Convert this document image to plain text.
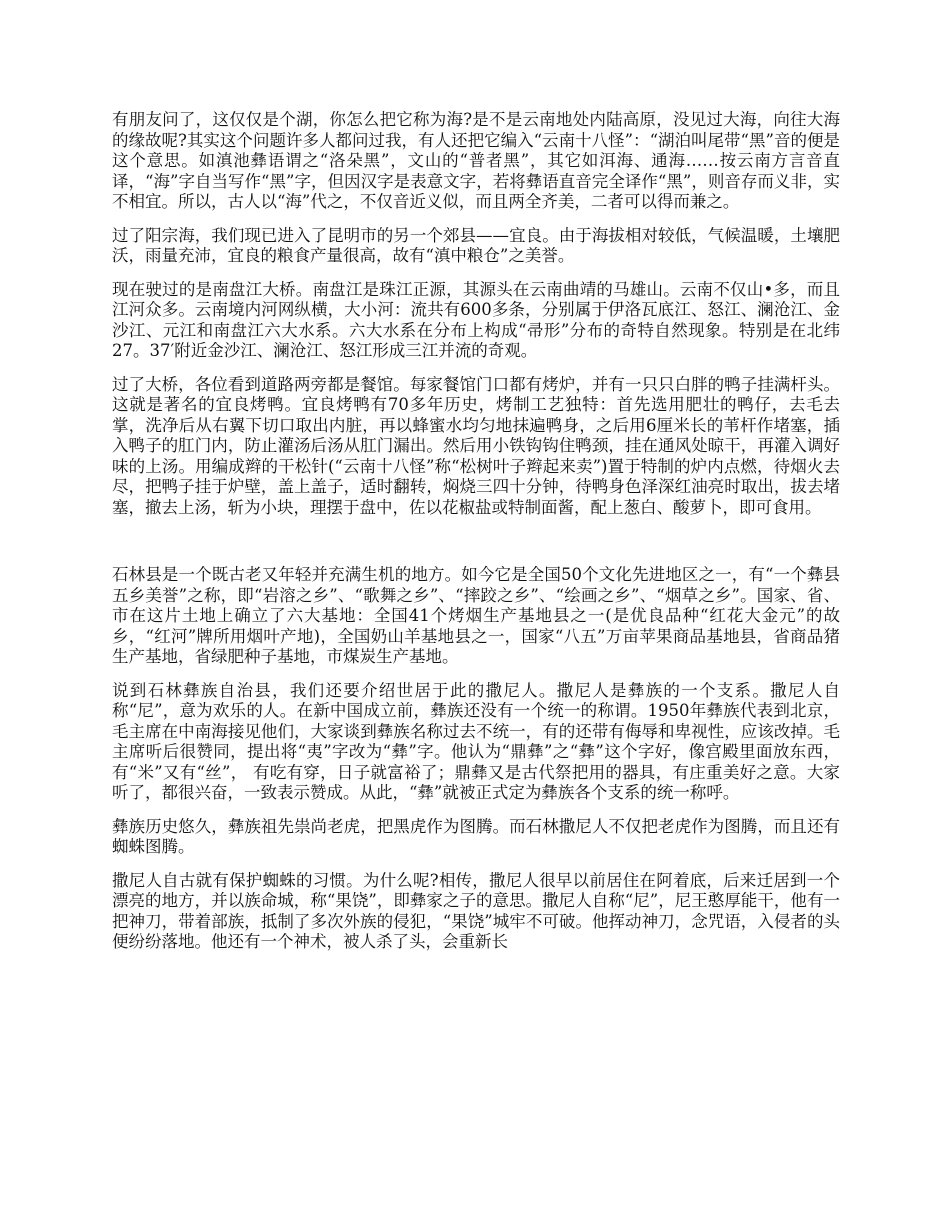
有朋友问了，这仅仅是个湖，你怎么把它称为海?是不是云南地处内陆高原，没见过大海，向往大海的缘故呢?其实这个问题许多人都问过我，有人还把它编入“云南十八怪”：“湖泊叫尾带“黑”音的便是这个意思。如滇池彝语谓之“洛朵黑”，文山的“普者黑”，其它如洱海、通海……按云南方言音直译，“海”字自当写作“黑”字，但因汉字是表意文字，若将彝语直音完全译作“黑”，则音存而义非，实不相宜。所以，古人以“海”代之，不仅音近义似，而且两全齐美，二者可以得而兼之。

过了阳宗海，我们现已进入了昆明市的另一个郊县——宜良。由于海拔相对较低，气候温暖，土壤肥沃，雨量充沛，宜良的粮食产量很高，故有“滇中粮仓”之美誉。

现在驶过的是南盘江大桥。南盘江是珠江正源，其源头在云南曲靖的马雄山。云南不仅山•多，而且江河众多。云南境内河网纵横，大小河：流共有600多条，分别属于伊洛瓦底江、怒江、澜沧江、金沙江、元江和南盘江六大水系。六大水系在分布上构成“帚形”分布的奇特自然现象。特别是在北纬27。37′附近金沙江、澜沧江、怒江形成三江并流的奇观。

过了大桥，各位看到道路两旁都是餐馆。每家餐馆门口都有烤炉，并有一只只白胖的鸭子挂满杆头。这就是著名的宜良烤鸭。宜良烤鸭有70多年历史，烤制工艺独特：首先选用肥壮的鸭仔，去毛去掌，洗净后从右翼下切口取出内脏，再以蜂蜜水均匀地抹遍鸭身，之后用6厘米长的苇杆作堵塞，插入鸭子的肛门内，防止灌汤后汤从肛门漏出。然后用小铁钩钩住鸭颈，挂在通风处晾干，再灌入调好味的上汤。用编成辫的干松针(“云南十八怪”称“松树叶子辫起来卖”)置于特制的炉内点燃，待烟火去尽，把鸭子挂于炉壁，盖上盖子，适时翻转，焖烧三四十分钟，待鸭身色泽深红油亮时取出，拔去堵塞，撤去上汤，斩为小块，理摆于盘中，佐以花椒盐或特制面酱，配上葱白、酸萝卜，即可食用。

石林县是一个既古老又年轻并充满生机的地方。如今它是全国50个文化先进地区之一，有“一个彝县五乡美誉”之称，即“岩溶之乡”、“歌舞之乡”、“摔跤之乡”、“绘画之乡”、“烟草之乡”。国家、省、市在这片土地上确立了六大基地：全国41个烤烟生产基地县之一(是优良品种“红花大金元”的故乡，“红河”牌所用烟叶产地)，全国奶山羊基地县之一，国家“八五”万亩苹果商品基地县，省商品猪生产基地，省绿肥种子基地，市煤炭生产基地。

说到石林彝族自治县，我们还要介绍世居于此的撒尼人。撒尼人是彝族的一个支系。撒尼人自称“尼”，意为欢乐的人。在新中国成立前，彝族还没有一个统一的称谓。1950年彝族代表到北京，毛主席在中南海接见他们，大家谈到彝族名称过去不统一，有的还带有侮辱和卑视性，应该改掉。毛主席听后很赞同，提出将“夷”字改为“彝”字。他认为“鼎彝”之“彝”这个字好，像宫殿里面放东西，有“米”又有“丝”， 有吃有穿，日子就富裕了；鼎彝又是古代祭把用的器具，有庄重美好之意。大家听了，都很兴奋，一致表示赞成。从此，“彝”就被正式定为彝族各个支系的统一称呼。

彝族历史悠久，彝族祖先祟尚老虎，把黑虎作为图腾。而石林撒尼人不仅把老虎作为图腾，而且还有蜘蛛图腾。

撒尼人自古就有保护蜘蛛的习惯。为什么呢?相传，撒尼人很早以前居住在阿着底，后来迁居到一个漂亮的地方，并以族命城，称“果饶”，即彝家之子的意思。撒尼人自称“尼”，尼王憨厚能干，他有一把神刀，带着部族，抵制了多次外族的侵犯，“果饶”城牢不可破。他挥动神刀，念咒语，入侵者的头便纷纷落地。他还有一个神术，被人杀了头，会重新长
